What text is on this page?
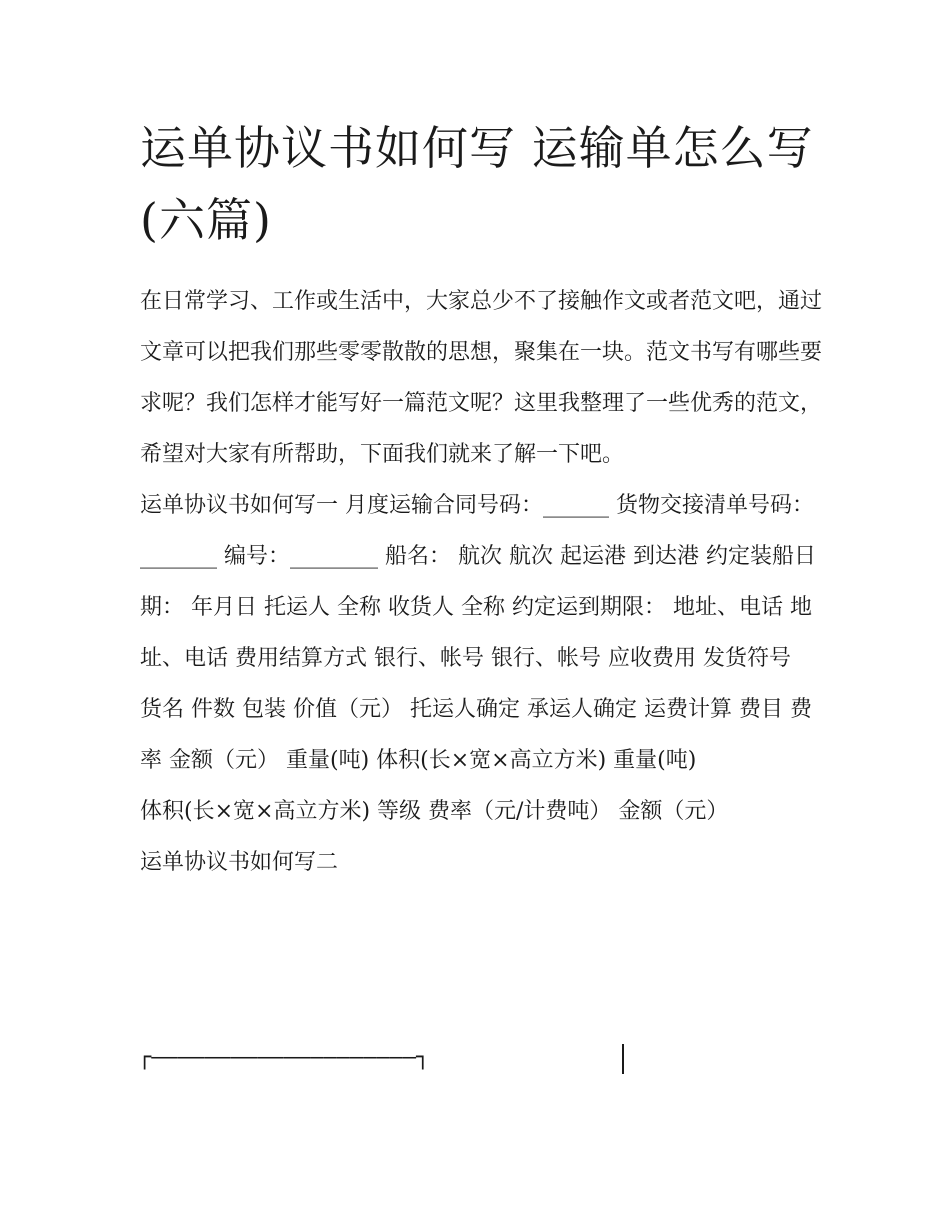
运单协议书如何写 运输单怎么写(六篇)

在日常学习、工作或生活中，大家总少不了接触作文或者范文吧，通过文章可以把我们那些零零散散的思想，聚集在一块。范文书写有哪些要求呢？我们怎样才能写好一篇范文呢？这里我整理了一些优秀的范文，希望对大家有所帮助，下面我们就来了解一下吧。

运单协议书如何写一 月度运输合同号码：______ 货物交接清单号码：_______ 编号：________ 船名： 航次 航次 起运港 到达港 约定装船日期： 年月日 托运人 全称 收货人 全称 约定运到期限： 地址、电话 地址、电话 费用结算方式 银行、帐号 银行、帐号 应收费用 发货符号

货名 件数 包装 价值（元） 托运人确定 承运人确定 运费计算 费目 费率 金额（元） 重量(吨) 体积(长×宽×高立方米) 重量(吨)

体积(长×宽×高立方米) 等级 费率（元/计费吨） 金额（元）

运单协议书如何写二

┌‒‒‒‒‒‒‒‒‒‒‒‒‒‒‒‒‒‒‒‒┐
